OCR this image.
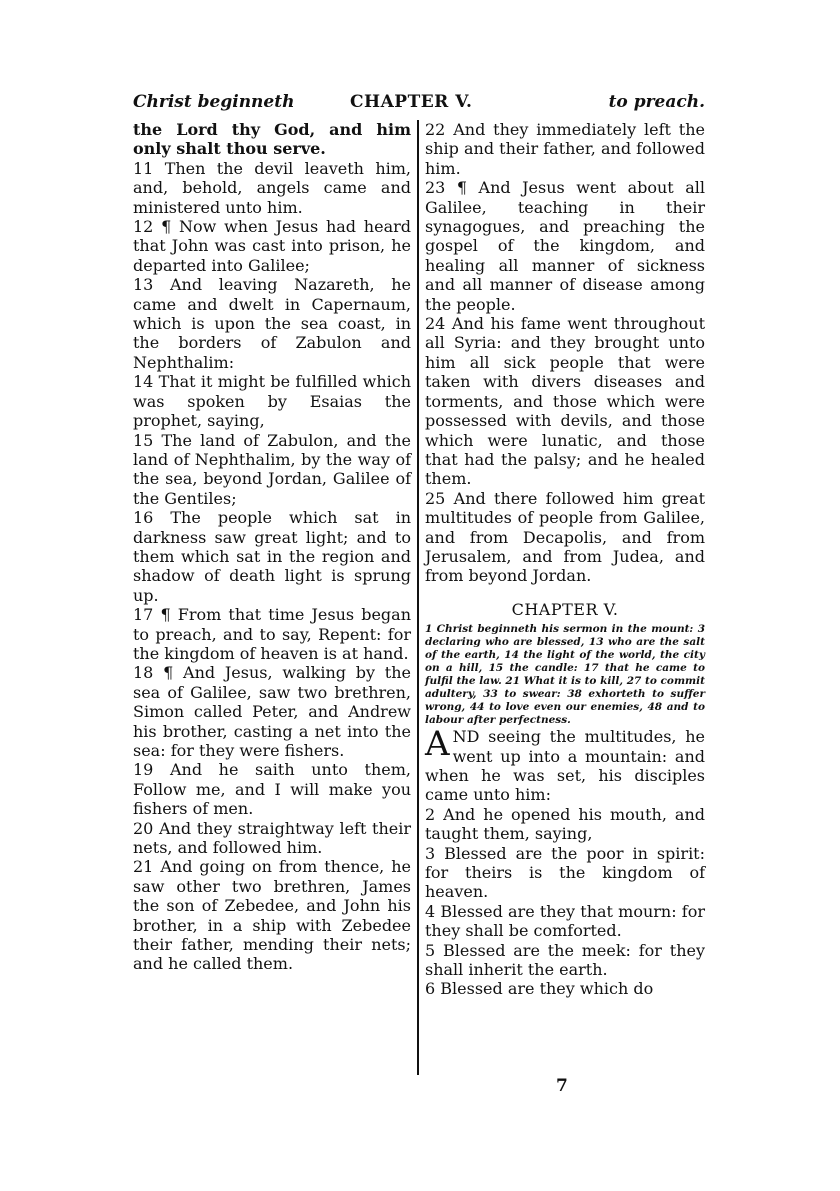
Christ beginneth	CHAPTER V.	to preach.

the Lord thy God, and him only shalt thou serve.

11 Then the devil leaveth him, and, behold, angels came and ministered unto him.

12 ¶ Now when Jesus had heard that John was cast into prison, he departed into Galilee;

13 And leaving Nazareth, he came and dwelt in Capernaum, which is upon the sea coast, in the borders of Zabulon and Nephthalim:

14 That it might be fulfilled which was spoken by Esaias the prophet, saying,

15 The land of Zabulon, and the land of Nephthalim, by the way of the sea, beyond Jordan, Galilee of the Gentiles;

16 The people which sat in darkness saw great light; and to them which sat in the region and shadow of death light is sprung up.

17 ¶ From that time Jesus began to preach, and to say, Repent: for the kingdom of heaven is at hand.

18 ¶ And Jesus, walking by the sea of Galilee, saw two brethren, Simon called Peter, and Andrew his brother, casting a net into the sea: for they were fishers.

19 And he saith unto them, Follow me, and I will make you fishers of men.

20 And they straightway left their nets, and followed him.

21 And going on from thence, he saw other two brethren, James the son of Zebedee, and John his brother, in a ship with Zebedee their father, mending their nets; and he called them.

22 And they immediately left the ship and their father, and followed him.

23 ¶ And Jesus went about all Galilee, teaching in their synagogues, and preaching the gospel of the kingdom, and healing all manner of sickness and all manner of disease among the people.

24 And his fame went throughout all Syria: and they brought unto him all sick people that were taken with divers diseases and torments, and those which were possessed with devils, and those which were lunatic, and those that had the palsy; and he healed them.

25 And there followed him great multitudes of people from Galilee, and from Decapolis, and from Jerusalem, and from Judea, and from beyond Jordan.

CHAPTER V.

1 Christ beginneth his sermon in the mount: 3 declaring who are blessed, 13 who are the salt of the earth, 14 the light of the world, the city on a hill, 15 the candle: 17 that he came to fulfil the law. 21 What it is to kill, 27 to commit adultery, 33 to swear: 38 exhorteth to suffer wrong, 44 to love even our enemies, 48 and to labour after perfectness.

A ND seeing the multitudes, he went up into a mountain: and when he was set, his disciples came unto him:

2 And he opened his mouth, and taught them, saying,

3 Blessed are the poor in spirit: for theirs is the kingdom of heaven.

4 Blessed are they that mourn: for they shall be comforted.

5 Blessed are the meek: for they shall inherit the earth.

6 Blessed are they which do

7
